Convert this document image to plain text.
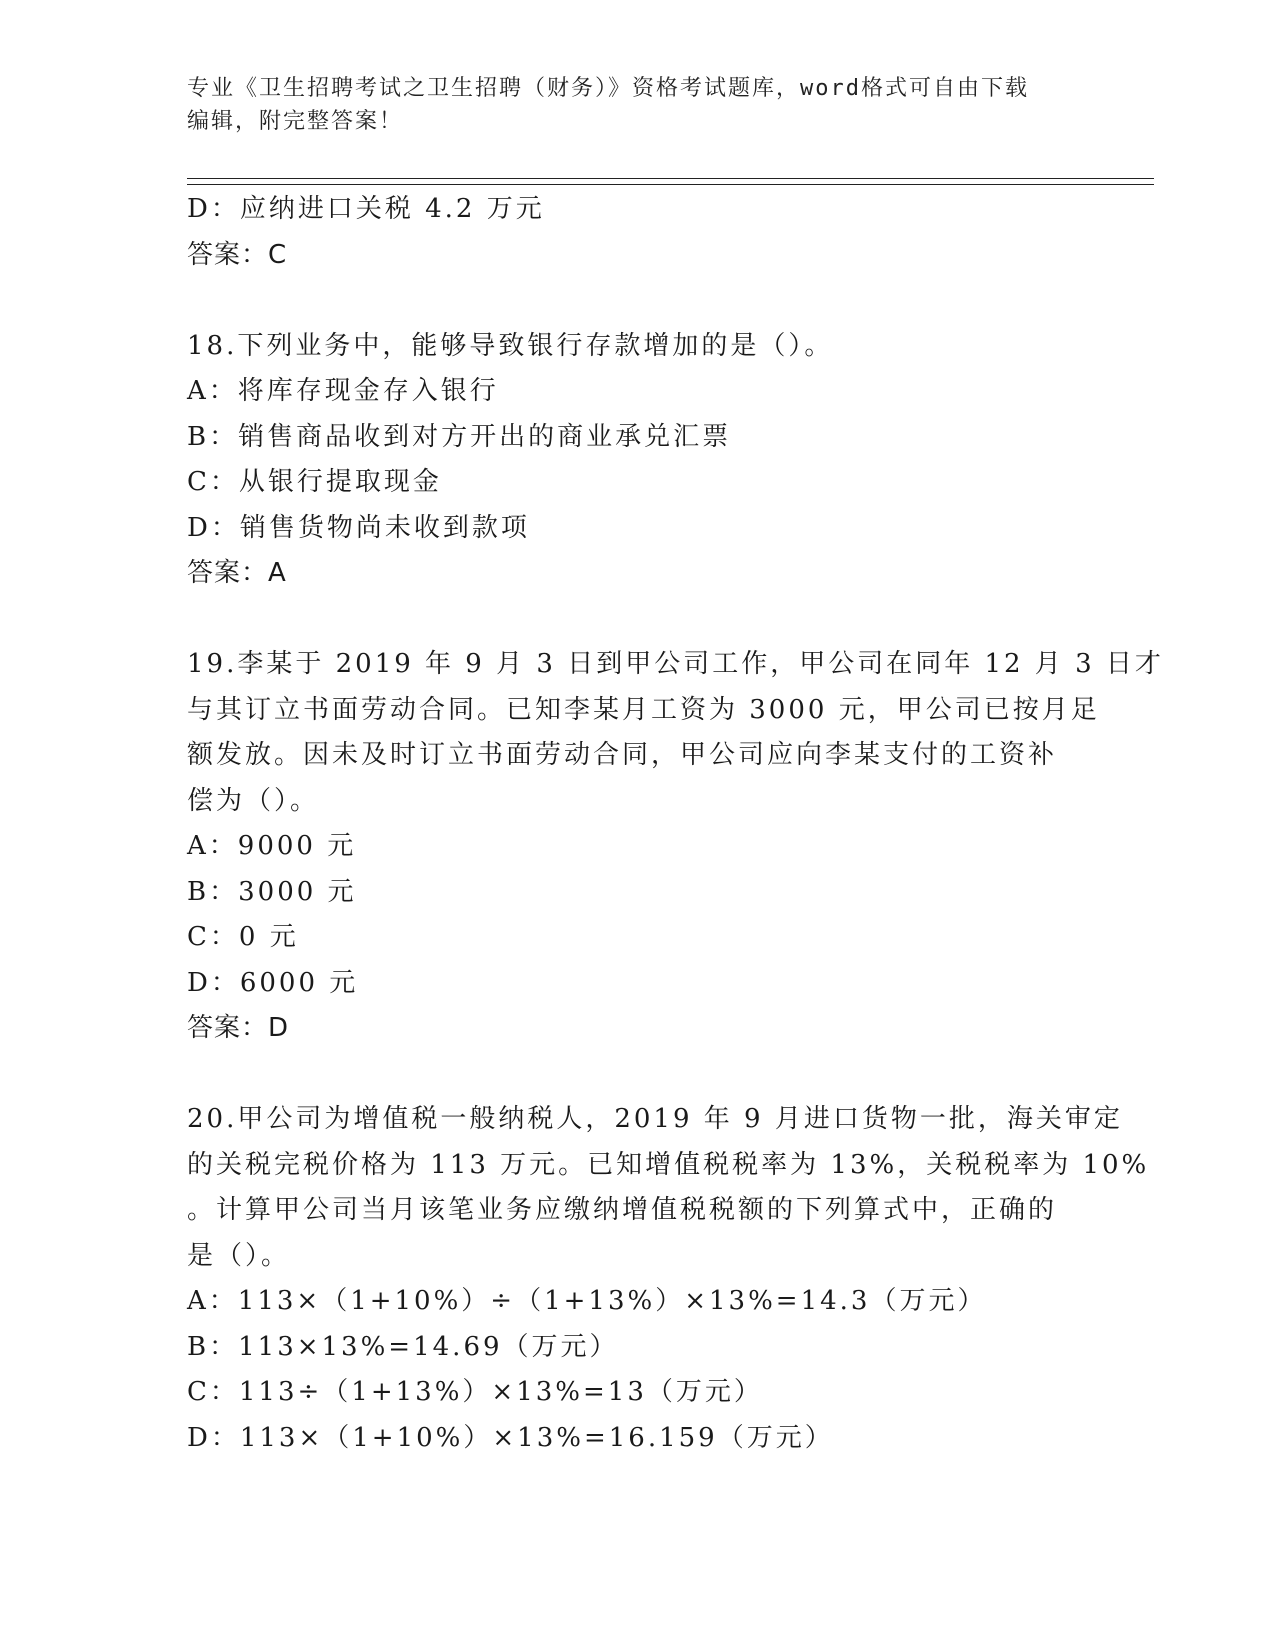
专业《卫生招聘考试之卫生招聘（财务）》资格考试题库，word格式可自由下载
编辑，附完整答案！
D：应纳进口关税 4.2 万元
答案：C
18.下列业务中，能够导致银行存款增加的是（）。
A：将库存现金存入银行
B：销售商品收到对方开出的商业承兑汇票
C：从银行提取现金
D：销售货物尚未收到款项
答案：A
19.李某于 2019 年 9 月 3 日到甲公司工作，甲公司在同年 12 月 3 日才
与其订立书面劳动合同。已知李某月工资为 3000 元，甲公司已按月足
额发放。因未及时订立书面劳动合同，甲公司应向李某支付的工资补
偿为（）。
A：9000 元
B：3000 元
C：0 元
D：6000 元
答案：D
20.甲公司为增值税一般纳税人，2019 年 9 月进口货物一批，海关审定
的关税完税价格为 113 万元。已知增值税税率为 13%，关税税率为 10%
。计算甲公司当月该笔业务应缴纳增值税税额的下列算式中，正确的
是（）。
A：113×（1+10%）÷（1+13%）×13%=14.3（万元）
B：113×13%=14.69（万元）
C：113÷（1+13%）×13%=13（万元）
D：113×（1+10%）×13%=16.159（万元）
